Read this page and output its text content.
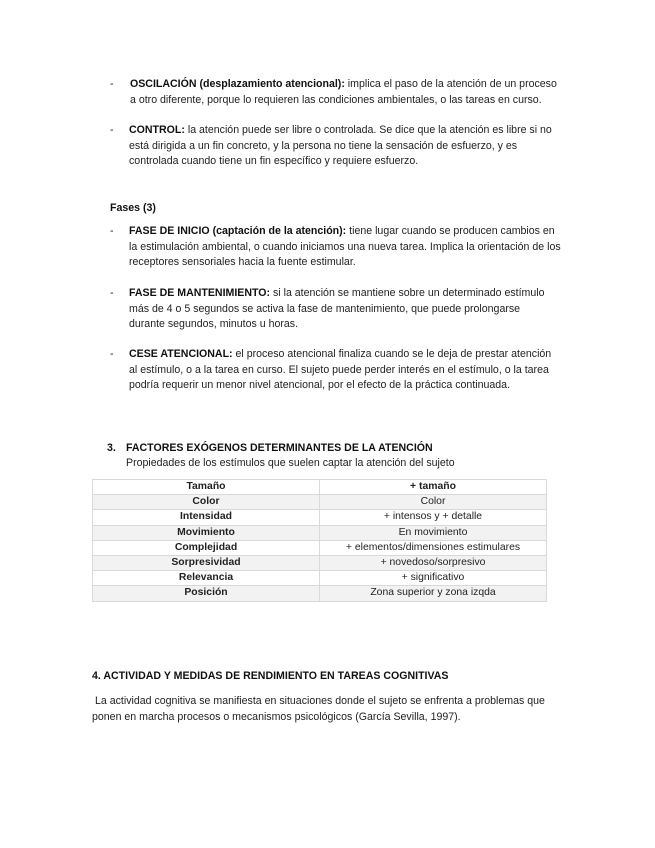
-	OSCILACIÓN (desplazamiento atencional): implica el paso de la atención de un proceso a otro diferente, porque lo requieren las condiciones ambientales, o las tareas en curso.
-	CONTROL: la atención puede ser libre o controlada. Se dice que la atención es libre si no está dirigida a un fin concreto, y la persona no tiene la sensación de esfuerzo, y es controlada cuando tiene un fin específico y requiere esfuerzo.
Fases (3)
-	FASE DE INICIO (captación de la atención): tiene lugar cuando se producen cambios en la estimulación ambiental, o cuando iniciamos una nueva tarea. Implica la orientación de los receptores sensoriales hacia la fuente estimular.
-	FASE DE MANTENIMIENTO: si la atención se mantiene sobre un determinado estímulo más de 4 o 5 segundos se activa la fase de mantenimiento, que puede prolongarse durante segundos, minutos u horas.
-	CESE ATENCIONAL: el proceso atencional finaliza cuando se le deja de prestar atención al estímulo, o a la tarea en curso. El sujeto puede perder interés en el estímulo, o la tarea podría requerir un menor nivel atencional, por el efecto de la práctica continuada.
3. FACTORES EXÓGENOS DETERMINANTES DE LA ATENCIÓN
Propiedades de los estímulos que suelen captar la atención del sujeto
Tamaño	+ tamaño
Color	Color
Intensidad	+ intensos y + detalle
Movimiento	En movimiento
Complejidad	+ elementos/dimensiones estimulares
Sorpresividad	+ novedoso/sorpresivo
Relevancia	+ significativo
Posición	Zona superior y zona izqda
4. ACTIVIDAD Y MEDIDAS DE RENDIMIENTO EN TAREAS COGNITIVAS
La actividad cognitiva se manifiesta en situaciones donde el sujeto se enfrenta a problemas que ponen en marcha procesos o mecanismos psicológicos (García Sevilla, 1997).
